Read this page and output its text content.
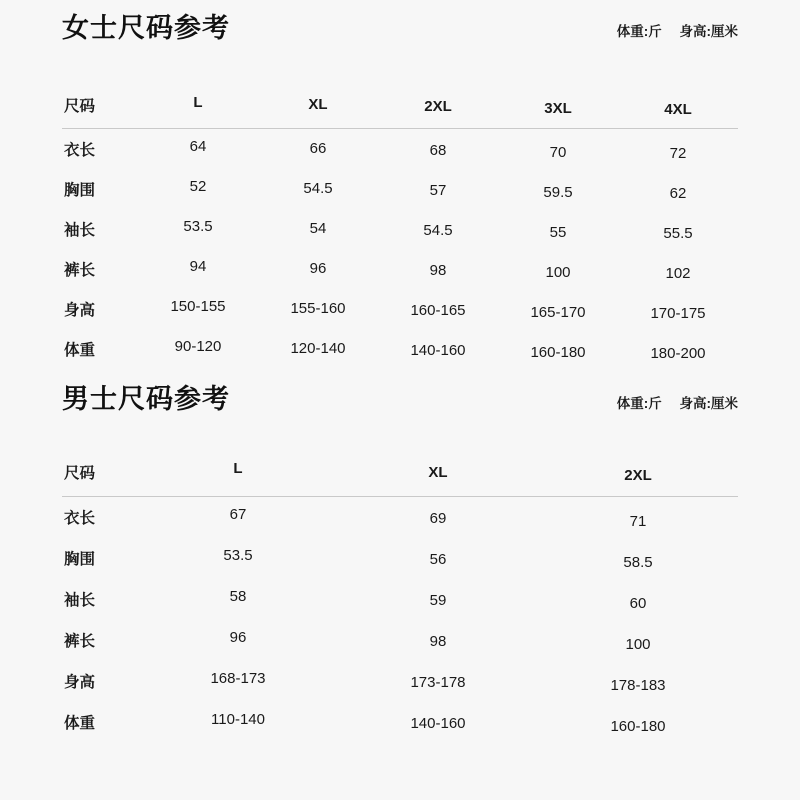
女士尺码参考	体重:斤 身高:厘米
尺码	L	XL	2XL	3XL	4XL
衣长	64	66	68	70	72
胸围	52	54.5	57	59.5	62
袖长	53.5	54	54.5	55	55.5
裤长	94	96	98	100	102
身高	150-155	155-160	160-165	165-170	170-175
体重	90-120	120-140	140-160	160-180	180-200
男士尺码参考	体重:斤 身高:厘米
尺码	L	XL	2XL
衣长	67	69	71
胸围	53.5	56	58.5
袖长	58	59	60
裤长	96	98	100
身高	168-173	173-178	178-183
体重	110-140	140-160	160-180
